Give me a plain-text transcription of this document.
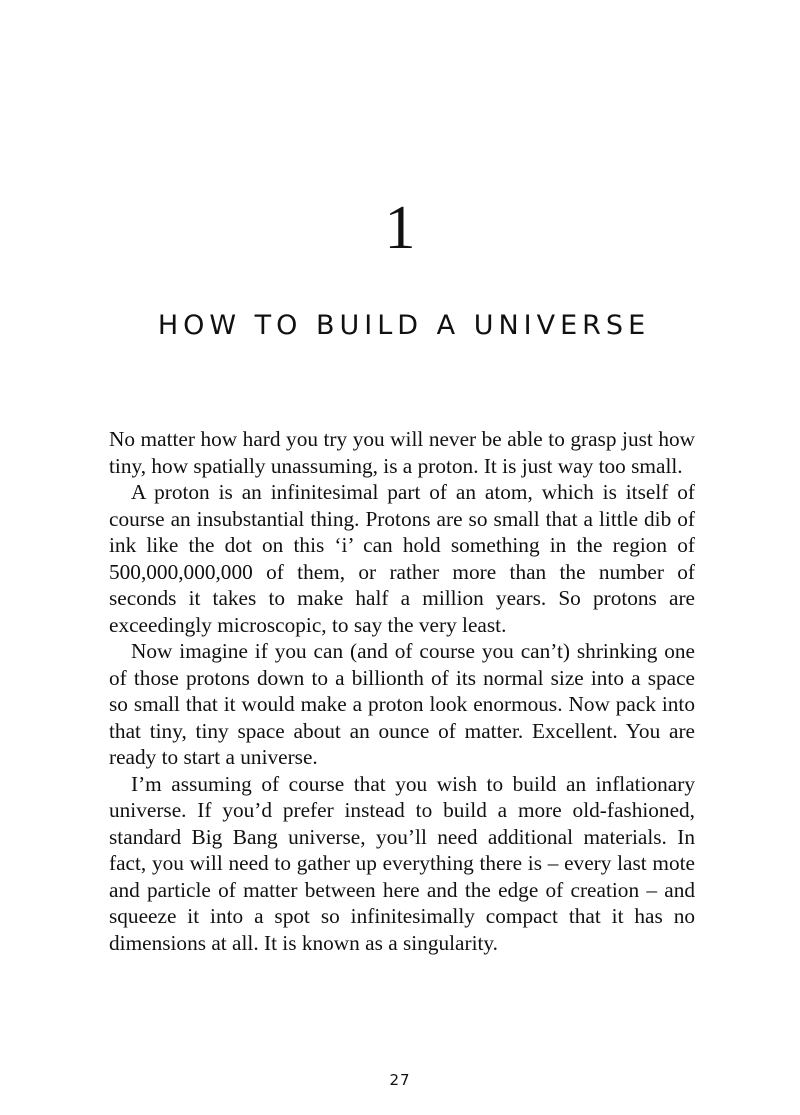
1
HOW TO BUILD A UNIVERSE

No matter how hard you try you will never be able to grasp just how tiny, how spatially unassuming, is a proton. It is just way too small.

A proton is an infinitesimal part of an atom, which is itself of course an insubstantial thing. Protons are so small that a little dib of ink like the dot on this ‘i’ can hold something in the region of 500,000,000,000 of them, or rather more than the number of seconds it takes to make half a million years. So protons are exceedingly microscopic, to say the very least.

Now imagine if you can (and of course you can’t) shrinking one of those protons down to a billionth of its normal size into a space so small that it would make a proton look enormous. Now pack into that tiny, tiny space about an ounce of matter. Excellent. You are ready to start a universe.

I’m assuming of course that you wish to build an inflationary universe. If you’d prefer instead to build a more old-fashioned, standard Big Bang universe, you’ll need additional materials. In fact, you will need to gather up everything there is – every last mote and particle of matter between here and the edge of creation – and squeeze it into a spot so infinitesimally compact that it has no dimensions at all. It is known as a singularity.

27
